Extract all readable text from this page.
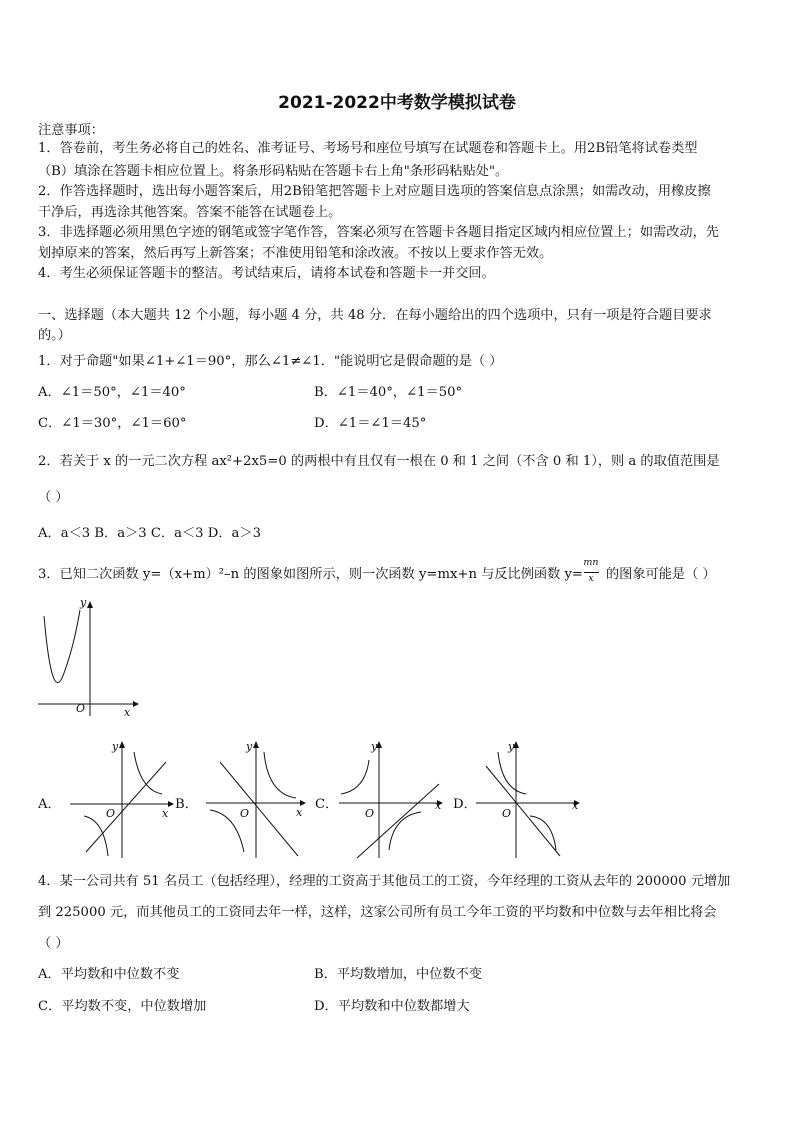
2021-2022中考数学模拟试卷
注意事项：
1．答卷前，考生务必将自己的姓名、准考证号、考场号和座位号填写在试题卷和答题卡上。用2B铅笔将试卷类型
（B）填涂在答题卡相应位置上。将条形码粘贴在答题卡右上角"条形码粘贴处"。
2．作答选择题时，选出每小题答案后，用2B铅笔把答题卡上对应题目选项的答案信息点涂黑；如需改动，用橡皮擦
干净后，再选涂其他答案。答案不能答在试题卷上。
3．非选择题必须用黑色字迹的钢笔或签字笔作答，答案必须写在答题卡各题目指定区域内相应位置上；如需改动，先
划掉原来的答案，然后再写上新答案；不准使用铅笔和涂改液。不按以上要求作答无效。
4．考生必须保证答题卡的整洁。考试结束后，请将本试卷和答题卡一并交回。
一、选择题（本大题共 12 个小题，每小题 4 分，共 48 分．在每小题给出的四个选项中，只有一项是符合题目要求
的。）
1．对于命题"如果∠1+∠1＝90°，那么∠1≠∠1．"能说明它是假命题的是（ ）
A．∠1＝50°，∠1＝40°	B．∠1＝40°，∠1＝50°
C．∠1＝30°，∠1＝60°	D．∠1＝∠1＝45°
2．若关于 x 的一元二次方程 ax²+2x5=0 的两根中有且仅有一根在 0 和 1 之间（不含 0 和 1），则 a 的取值范围是
（ ）
A．a＜3 B．a＞3 C．a＜3 D．a＞3
3．已知二次函数 y=（x+m）²–n 的图象如图所示，则一次函数 y=mx+n 与反比例函数 y=
mn
x 的图象可能是（ ）
y
x
O
A．	B．	C．	D．
y
x
O
y
x
O
y
x
O
y
x
O
4．某一公司共有 51 名员工（包括经理），经理的工资高于其他员工的工资，今年经理的工资从去年的 200000 元增加
到 225000 元，而其他员工的工资同去年一样，这样，这家公司所有员工今年工资的平均数和中位数与去年相比将会
（ ）
A．平均数和中位数不变	B．平均数增加，中位数不变
C．平均数不变，中位数增加	D．平均数和中位数都增大
